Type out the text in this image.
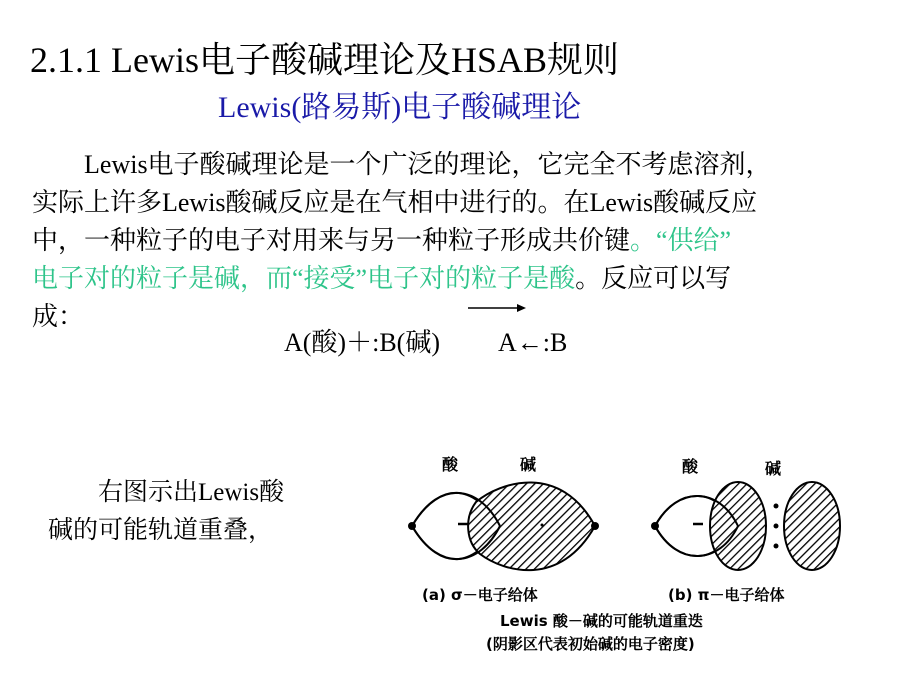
2.1.1 Lewis电子酸碱理论及HSAB规则
Lewis(路易斯)电子酸碱理论

　　Lewis电子酸碱理论是一个广泛的理论，它完全不考虑溶剂，

实际上许多Lewis酸碱反应是在气相中进行的。在Lewis酸碱反应

中，一种粒子的电子对用来与另一种粒子形成共价键。“供给”

电子对的粒子是碱，而“接受”电子对的粒子是酸。反应可以写

成：

A(酸)＋:B(碱) A←:B

　　右图示出Lewis酸

碱的可能轨道重叠，

酸	碱	酸	碱
(a) σ－电子给体	(b) π－电子给体
Lewis 酸－碱的可能轨道重迭
(阴影区代表初始碱的电子密度)
